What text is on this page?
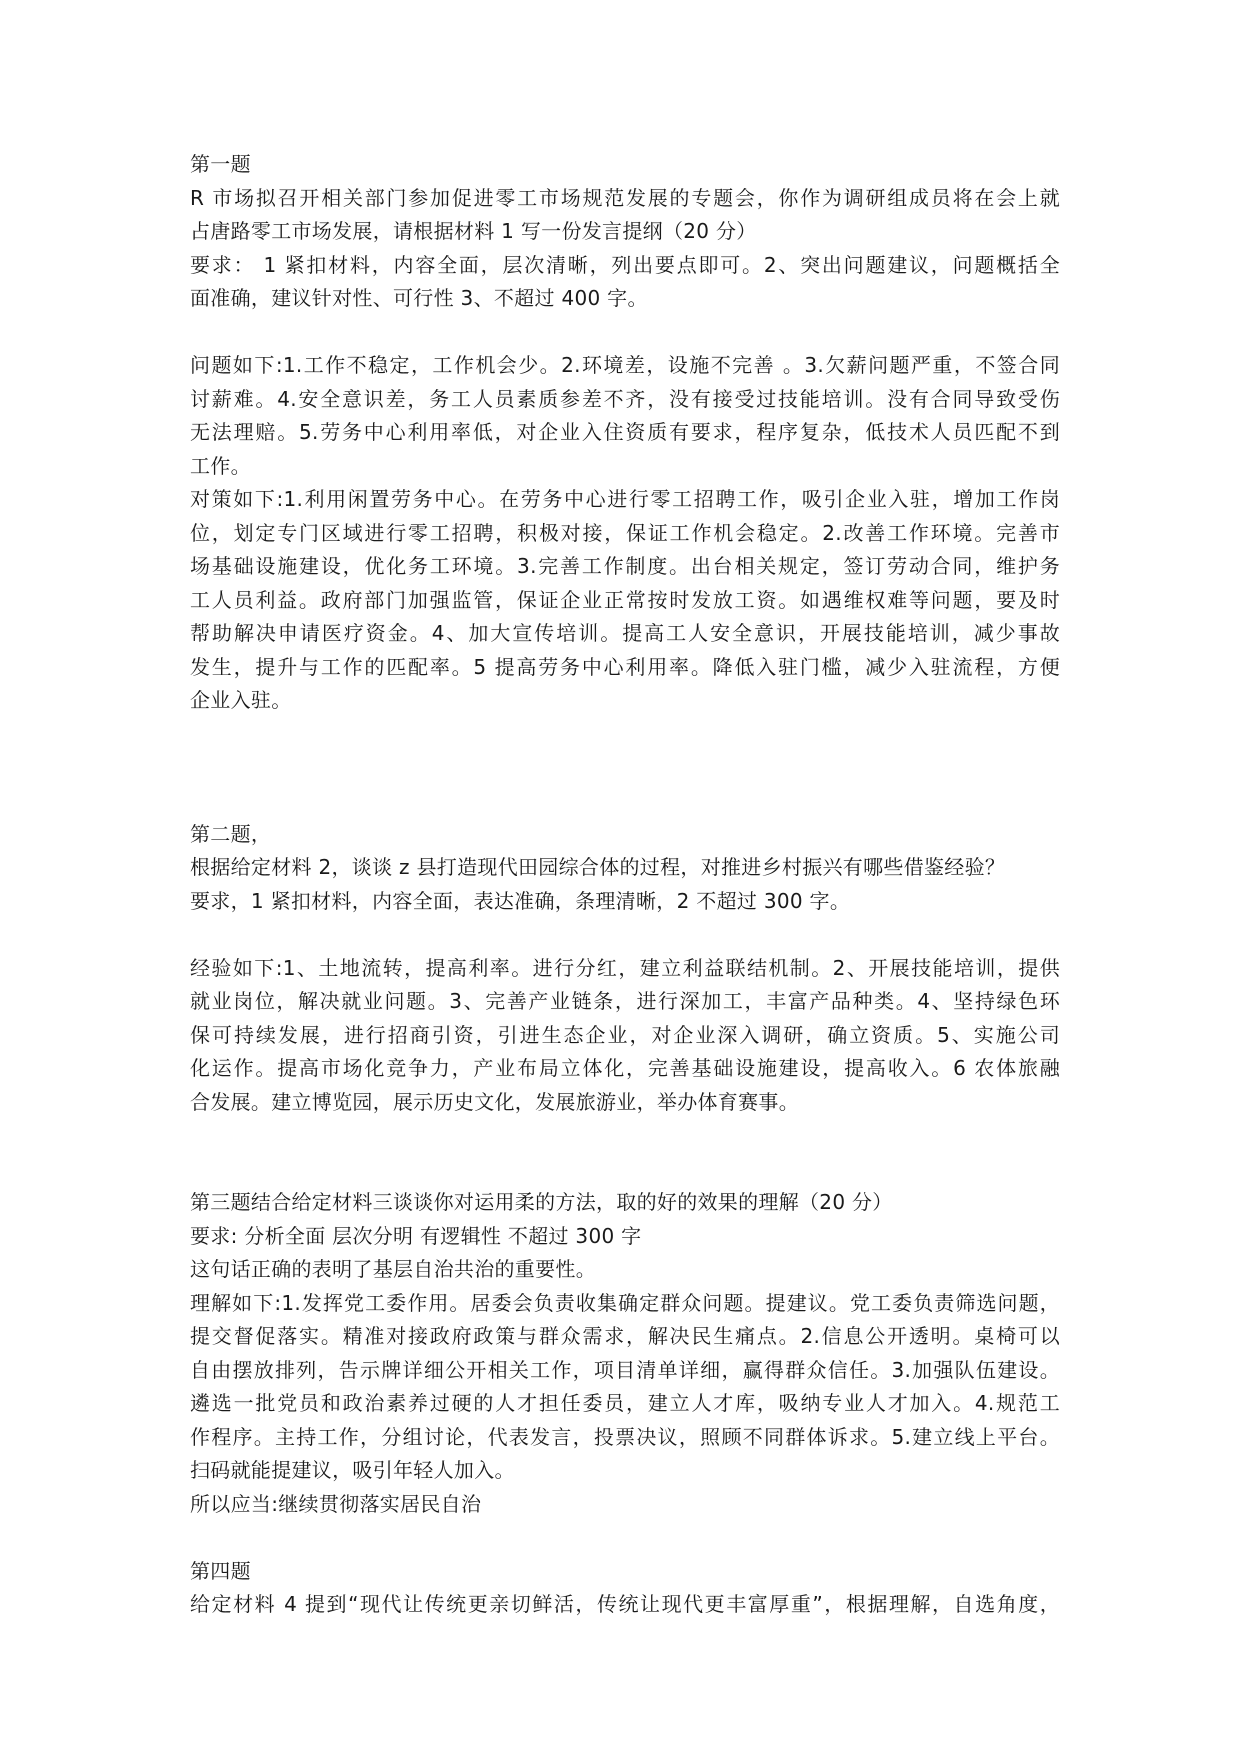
第一题
R 市场拟召开相关部门参加促进零工市场规范发展的专题会，你作为调研组成员将在会上就
占唐路零工市场发展，请根据材料 1 写一份发言提纲（20 分）
要求： 1 紧扣材料，内容全面，层次清晰，列出要点即可。2、突出问题建议，问题概括全
面准确，建议针对性、可行性 3、不超过 400 字。
问题如下:1.工作不稳定，工作机会少。2.环境差，设施不完善 。3.欠薪问题严重，不签合同
讨薪难。4.安全意识差，务工人员素质参差不齐，没有接受过技能培训。没有合同导致受伤
无法理赔。5.劳务中心利用率低，对企业入住资质有要求，程序复杂，低技术人员匹配不到
工作。
对策如下:1.利用闲置劳务中心。在劳务中心进行零工招聘工作，吸引企业入驻，增加工作岗
位，划定专门区域进行零工招聘，积极对接，保证工作机会稳定。2.改善工作环境。完善市
场基础设施建设，优化务工环境。3.完善工作制度。出台相关规定，签订劳动合同，维护务
工人员利益。政府部门加强监管，保证企业正常按时发放工资。如遇维权难等问题，要及时
帮助解决申请医疗资金。4、加大宣传培训。提高工人安全意识，开展技能培训，减少事故
发生，提升与工作的匹配率。5 提高劳务中心利用率。降低入驻门槛，减少入驻流程，方便
企业入驻。
第二题，
根据给定材料 2，谈谈 z 县打造现代田园综合体的过程，对推进乡村振兴有哪些借鉴经验？
要求，1 紧扣材料，内容全面，表达准确，条理清晰，2 不超过 300 字。
经验如下:1、土地流转，提高利率。进行分红，建立利益联结机制。2、开展技能培训，提供
就业岗位，解决就业问题。3、完善产业链条，进行深加工，丰富产品种类。4、坚持绿色环
保可持续发展，进行招商引资，引进生态企业，对企业深入调研，确立资质。5、实施公司
化运作。提高市场化竞争力，产业布局立体化，完善基础设施建设，提高收入。6 农体旅融
合发展。建立博览园，展示历史文化，发展旅游业，举办体育赛事。
第三题结合给定材料三谈谈你对运用柔的方法，取的好的效果的理解（20 分）
要求: 分析全面 层次分明 有逻辑性 不超过 300 字
这句话正确的表明了基层自治共治的重要性。
理解如下:1.发挥党工委作用。居委会负责收集确定群众问题。提建议。党工委负责筛选问题，
提交督促落实。精准对接政府政策与群众需求，解决民生痛点。2.信息公开透明。桌椅可以
自由摆放排列，告示牌详细公开相关工作，项目清单详细，赢得群众信任。3.加强队伍建设。
遴选一批党员和政治素养过硬的人才担任委员，建立人才库，吸纳专业人才加入。4.规范工
作程序。主持工作，分组讨论，代表发言，投票决议，照顾不同群体诉求。5.建立线上平台。
扫码就能提建议，吸引年轻人加入。
所以应当:继续贯彻落实居民自治
第四题
给定材料 4 提到“现代让传统更亲切鲜活，传统让现代更丰富厚重”，根据理解，自选角度，
